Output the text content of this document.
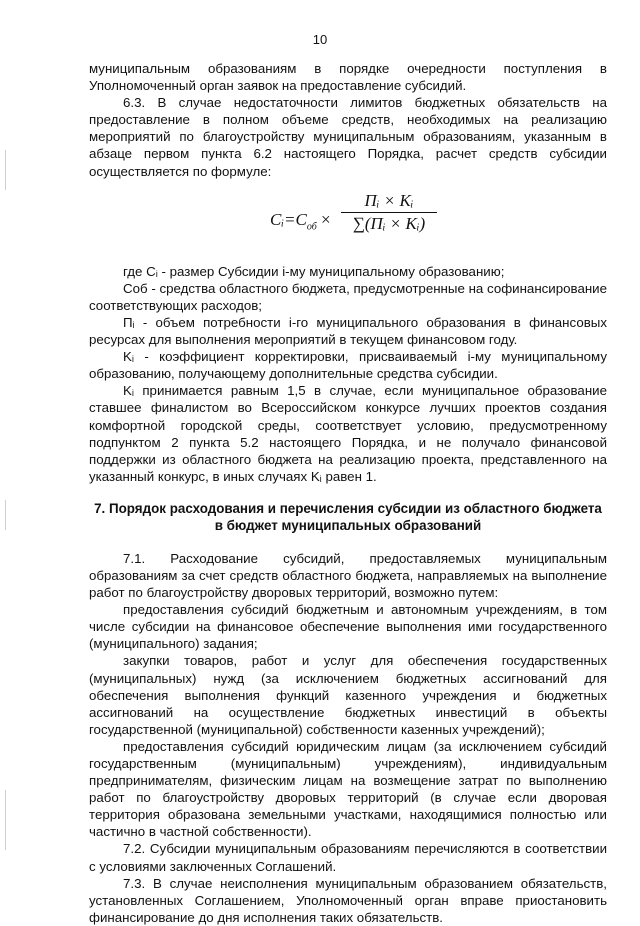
10

муниципальным образованиям в порядке очередности поступления в Уполномоченный орган заявок на предоставление субсидий.

6.3. В случае недостаточности лимитов бюджетных обязательств на предоставление в полном объеме средств, необходимых на реализацию мероприятий по благоустройству муниципальным образованиям, указанным в абзаце первом пункта 6.2 настоящего Порядка, расчет средств субсидии осуществляется по формуле:

$Cᵢ=C_{об}$ ×
Пᵢ × Kᵢ
∑(Пᵢ × Kᵢ)

где Cᵢ - размер Субсидии i-му муниципальному образованию;

Cоб - средства областного бюджета, предусмотренные на софинансирование соответствующих расходов;

Пᵢ - объем потребности i-го муниципального образования в финансовых ресурсах для выполнения мероприятий в текущем финансовом году.

Kᵢ - коэффициент корректировки, присваиваемый i-му муниципальному образованию, получающему дополнительные средства субсидии.

Kᵢ принимается равным 1,5 в случае, если муниципальное образование ставшее финалистом во Всероссийском конкурсе лучших проектов создания комфортной городской среды, соответствует условию, предусмотренному подпунктом 2 пункта 5.2 настоящего Порядка, и не получало финансовой поддержки из областного бюджета на реализацию проекта, представленного на указанный конкурс, в иных случаях Kᵢ равен 1.

7. Порядок расходования и перечисления субсидии из областного бюджета в бюджет муниципальных образований

7.1. Расходование субсидий, предоставляемых муниципальным образованиям за счет средств областного бюджета, направляемых на выполнение работ по благоустройству дворовых территорий, возможно путем:

предоставления субсидий бюджетным и автономным учреждениям, в том числе субсидии на финансовое обеспечение выполнения ими государственного (муниципального) задания;

закупки товаров, работ и услуг для обеспечения государственных (муниципальных) нужд (за исключением бюджетных ассигнований для обеспечения выполнения функций казенного учреждения и бюджетных ассигнований на осуществление бюджетных инвестиций в объекты государственной (муниципальной) собственности казенных учреждений);

предоставления субсидий юридическим лицам (за исключением субсидий государственным (муниципальным) учреждениям), индивидуальным предпринимателям, физическим лицам на возмещение затрат по выполнению работ по благоустройству дворовых территорий (в случае если дворовая территория образована земельными участками, находящимися полностью или частично в частной собственности).

7.2. Субсидии муниципальным образованиям перечисляются в соответствии с условиями заключенных Соглашений.

7.3. В случае неисполнения муниципальным образованием обязательств, установленных Соглашением, Уполномоченный орган вправе приостановить финансирование до дня исполнения таких обязательств.
